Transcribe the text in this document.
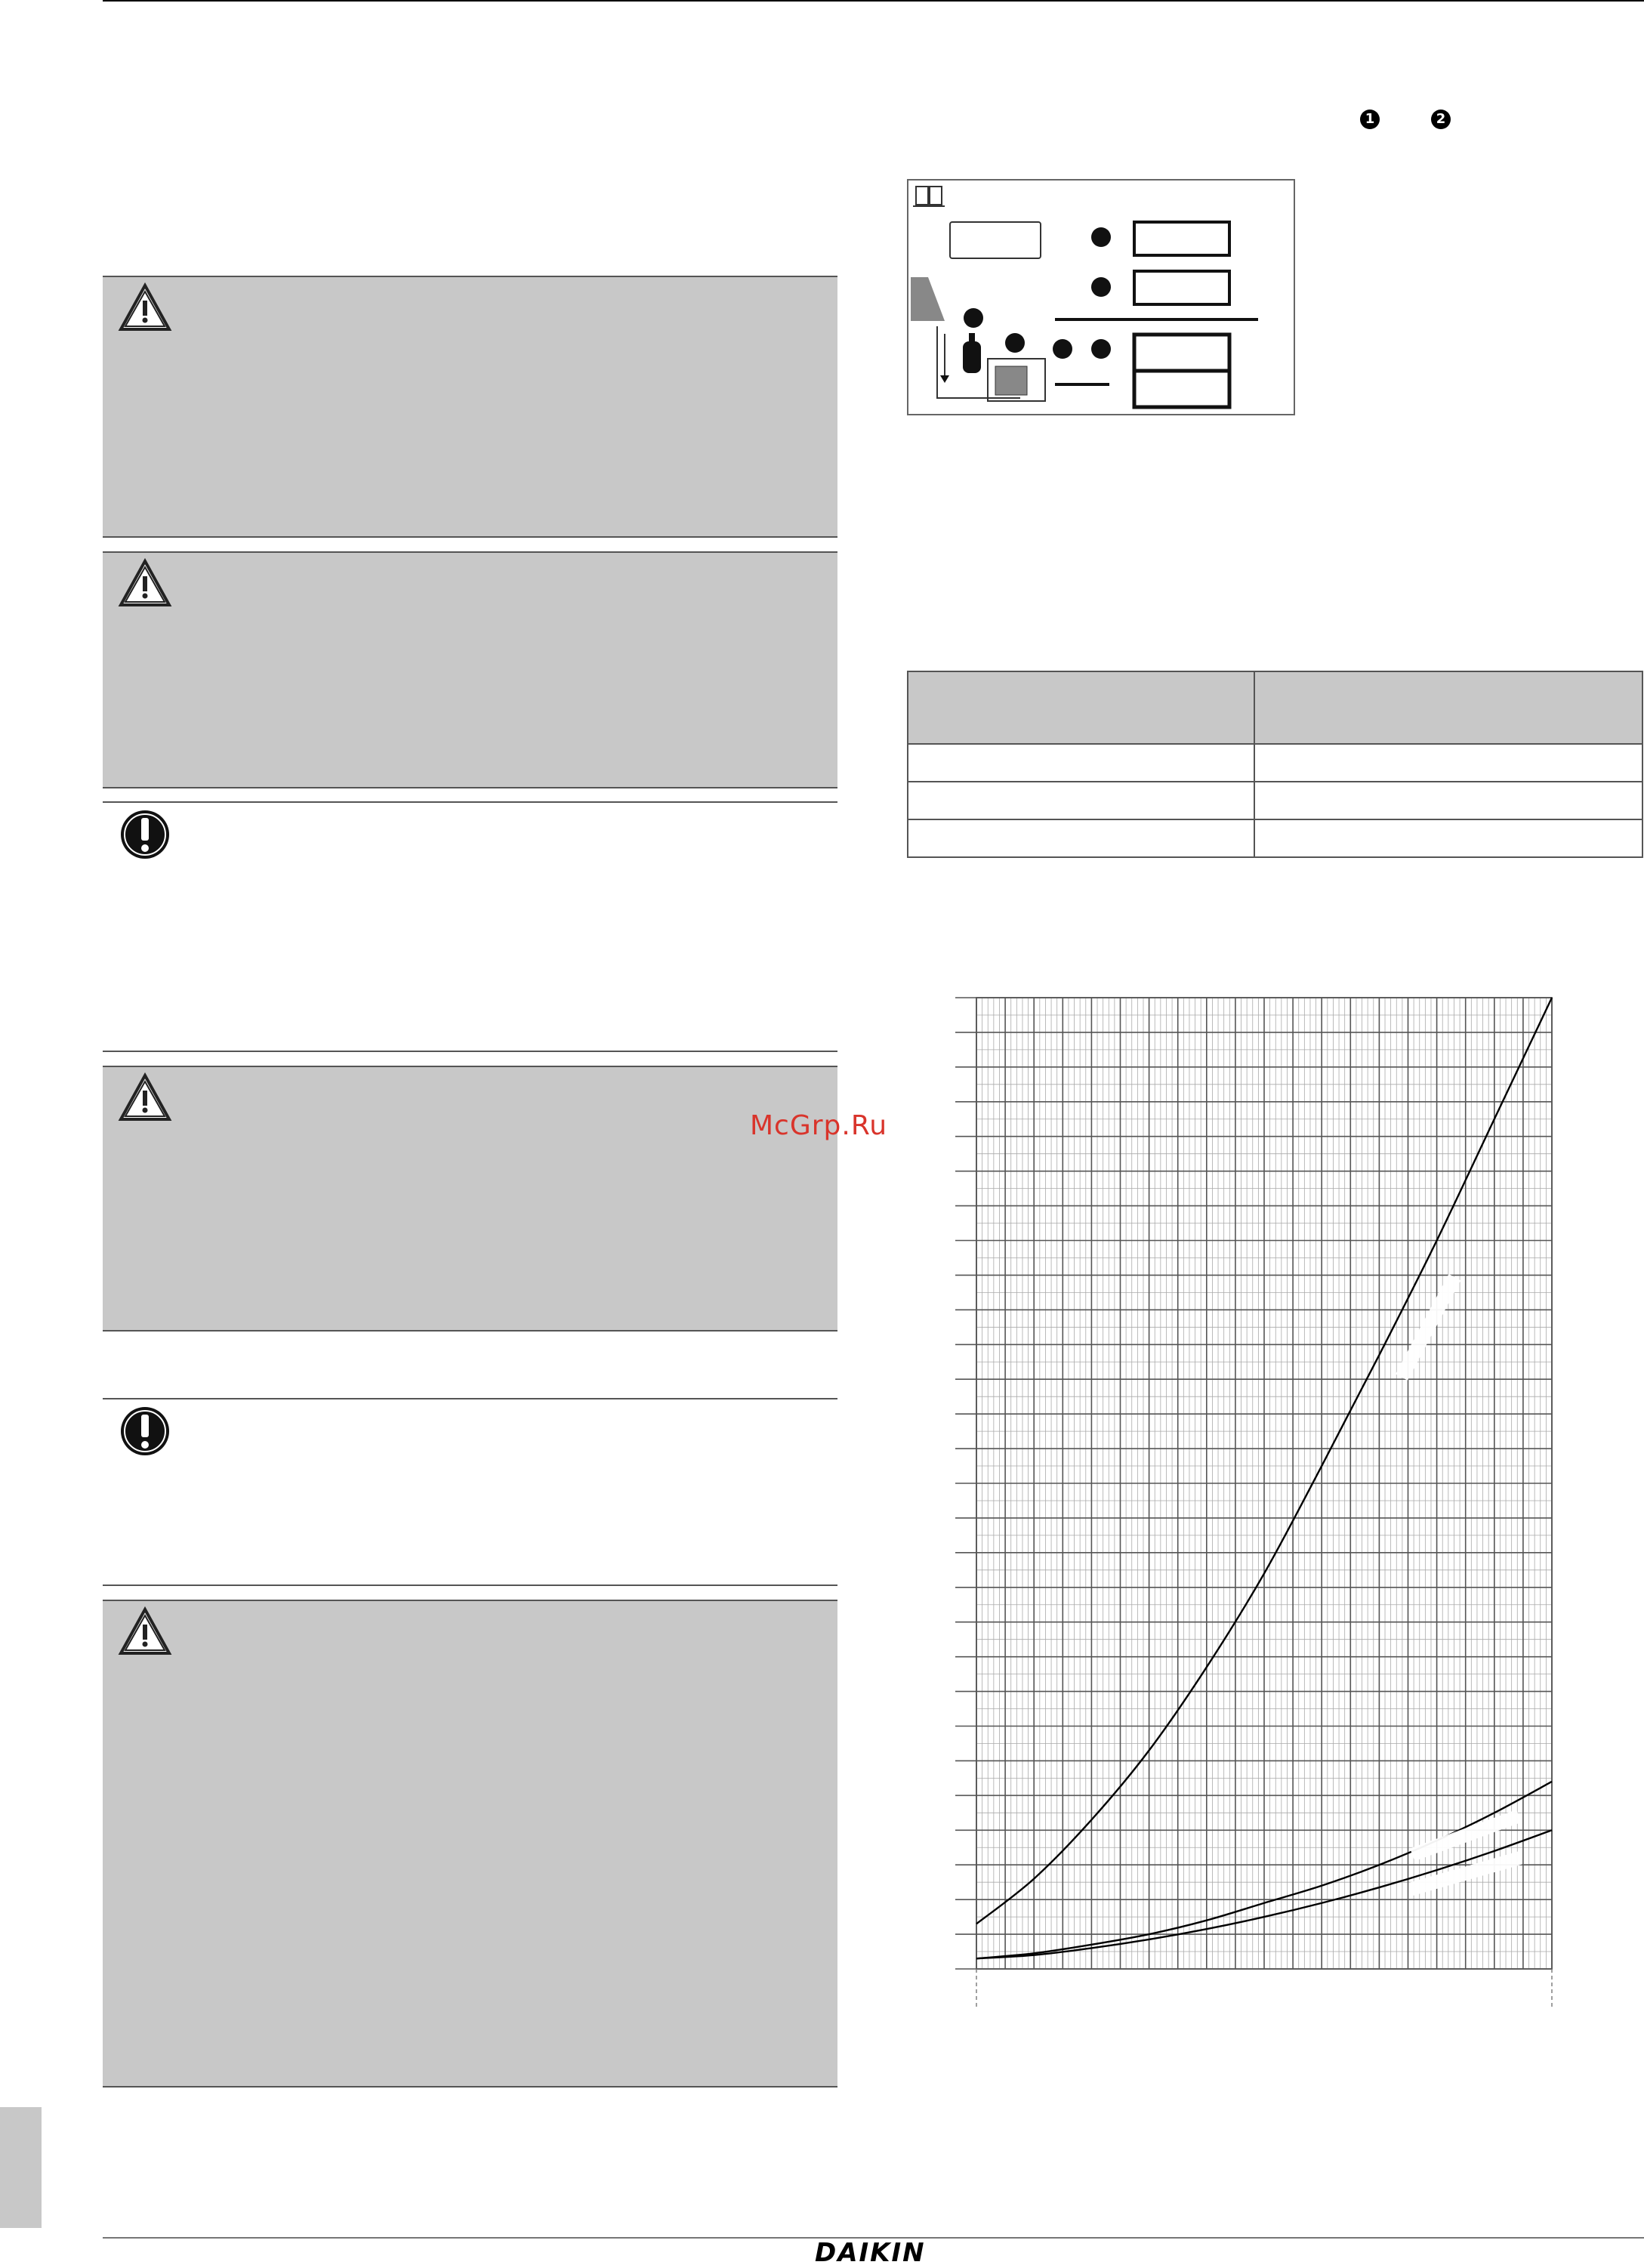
1	2

McGrp.Ru
DAIKIN
